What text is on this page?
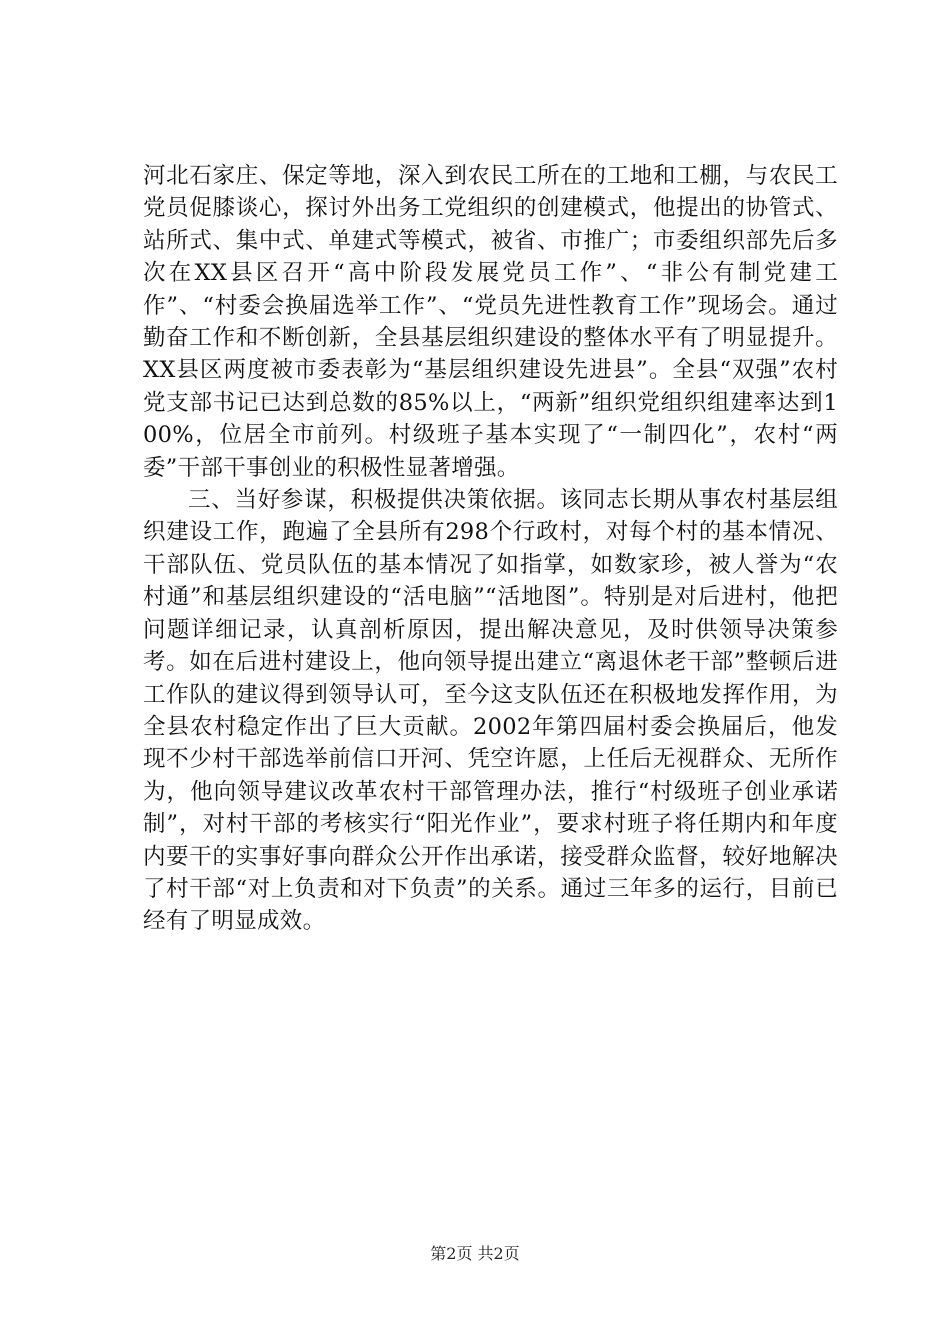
河北石家庄、保定等地，深入到农民工所在的工地和工棚，与农民工党员促膝谈心，探讨外出务工党组织的创建模式，他提出的协管式、站所式、集中式、单建式等模式，被省、市推广；市委组织部先后多次在XX县区召开“高中阶段发展党员工作”、“非公有制党建工作”、“村委会换届选举工作”、“党员先进性教育工作”现场会。通过勤奋工作和不断创新，全县基层组织建设的整体水平有了明显提升。XX县区两度被市委表彰为“基层组织建设先进县”。全县“双强”农村党支部书记已达到总数的85%以上，“两新”组织党组织组建率达到100%，位居全市前列。村级班子基本实现了“一制四化”，农村“两委”干部干事创业的积极性显著增强。

三、当好参谋，积极提供决策依据。该同志长期从事农村基层组织建设工作，跑遍了全县所有298个行政村，对每个村的基本情况、干部队伍、党员队伍的基本情况了如指掌，如数家珍，被人誉为“农村通”和基层组织建设的“活电脑”“活地图”。特别是对后进村，他把问题详细记录，认真剖析原因，提出解决意见，及时供领导决策参考。如在后进村建设上，他向领导提出建立“离退休老干部”整顿后进工作队的建议得到领导认可，至今这支队伍还在积极地发挥作用，为全县农村稳定作出了巨大贡献。2002年第四届村委会换届后，他发现不少村干部选举前信口开河、凭空许愿，上任后无视群众、无所作为，他向领导建议改革农村干部管理办法，推行“村级班子创业承诺制”，对村干部的考核实行“阳光作业”，要求村班子将任期内和年度内要干的实事好事向群众公开作出承诺，接受群众监督，较好地解决了村干部“对上负责和对下负责”的关系。通过三年多的运行，目前已经有了明显成效。

第2页 共2页
